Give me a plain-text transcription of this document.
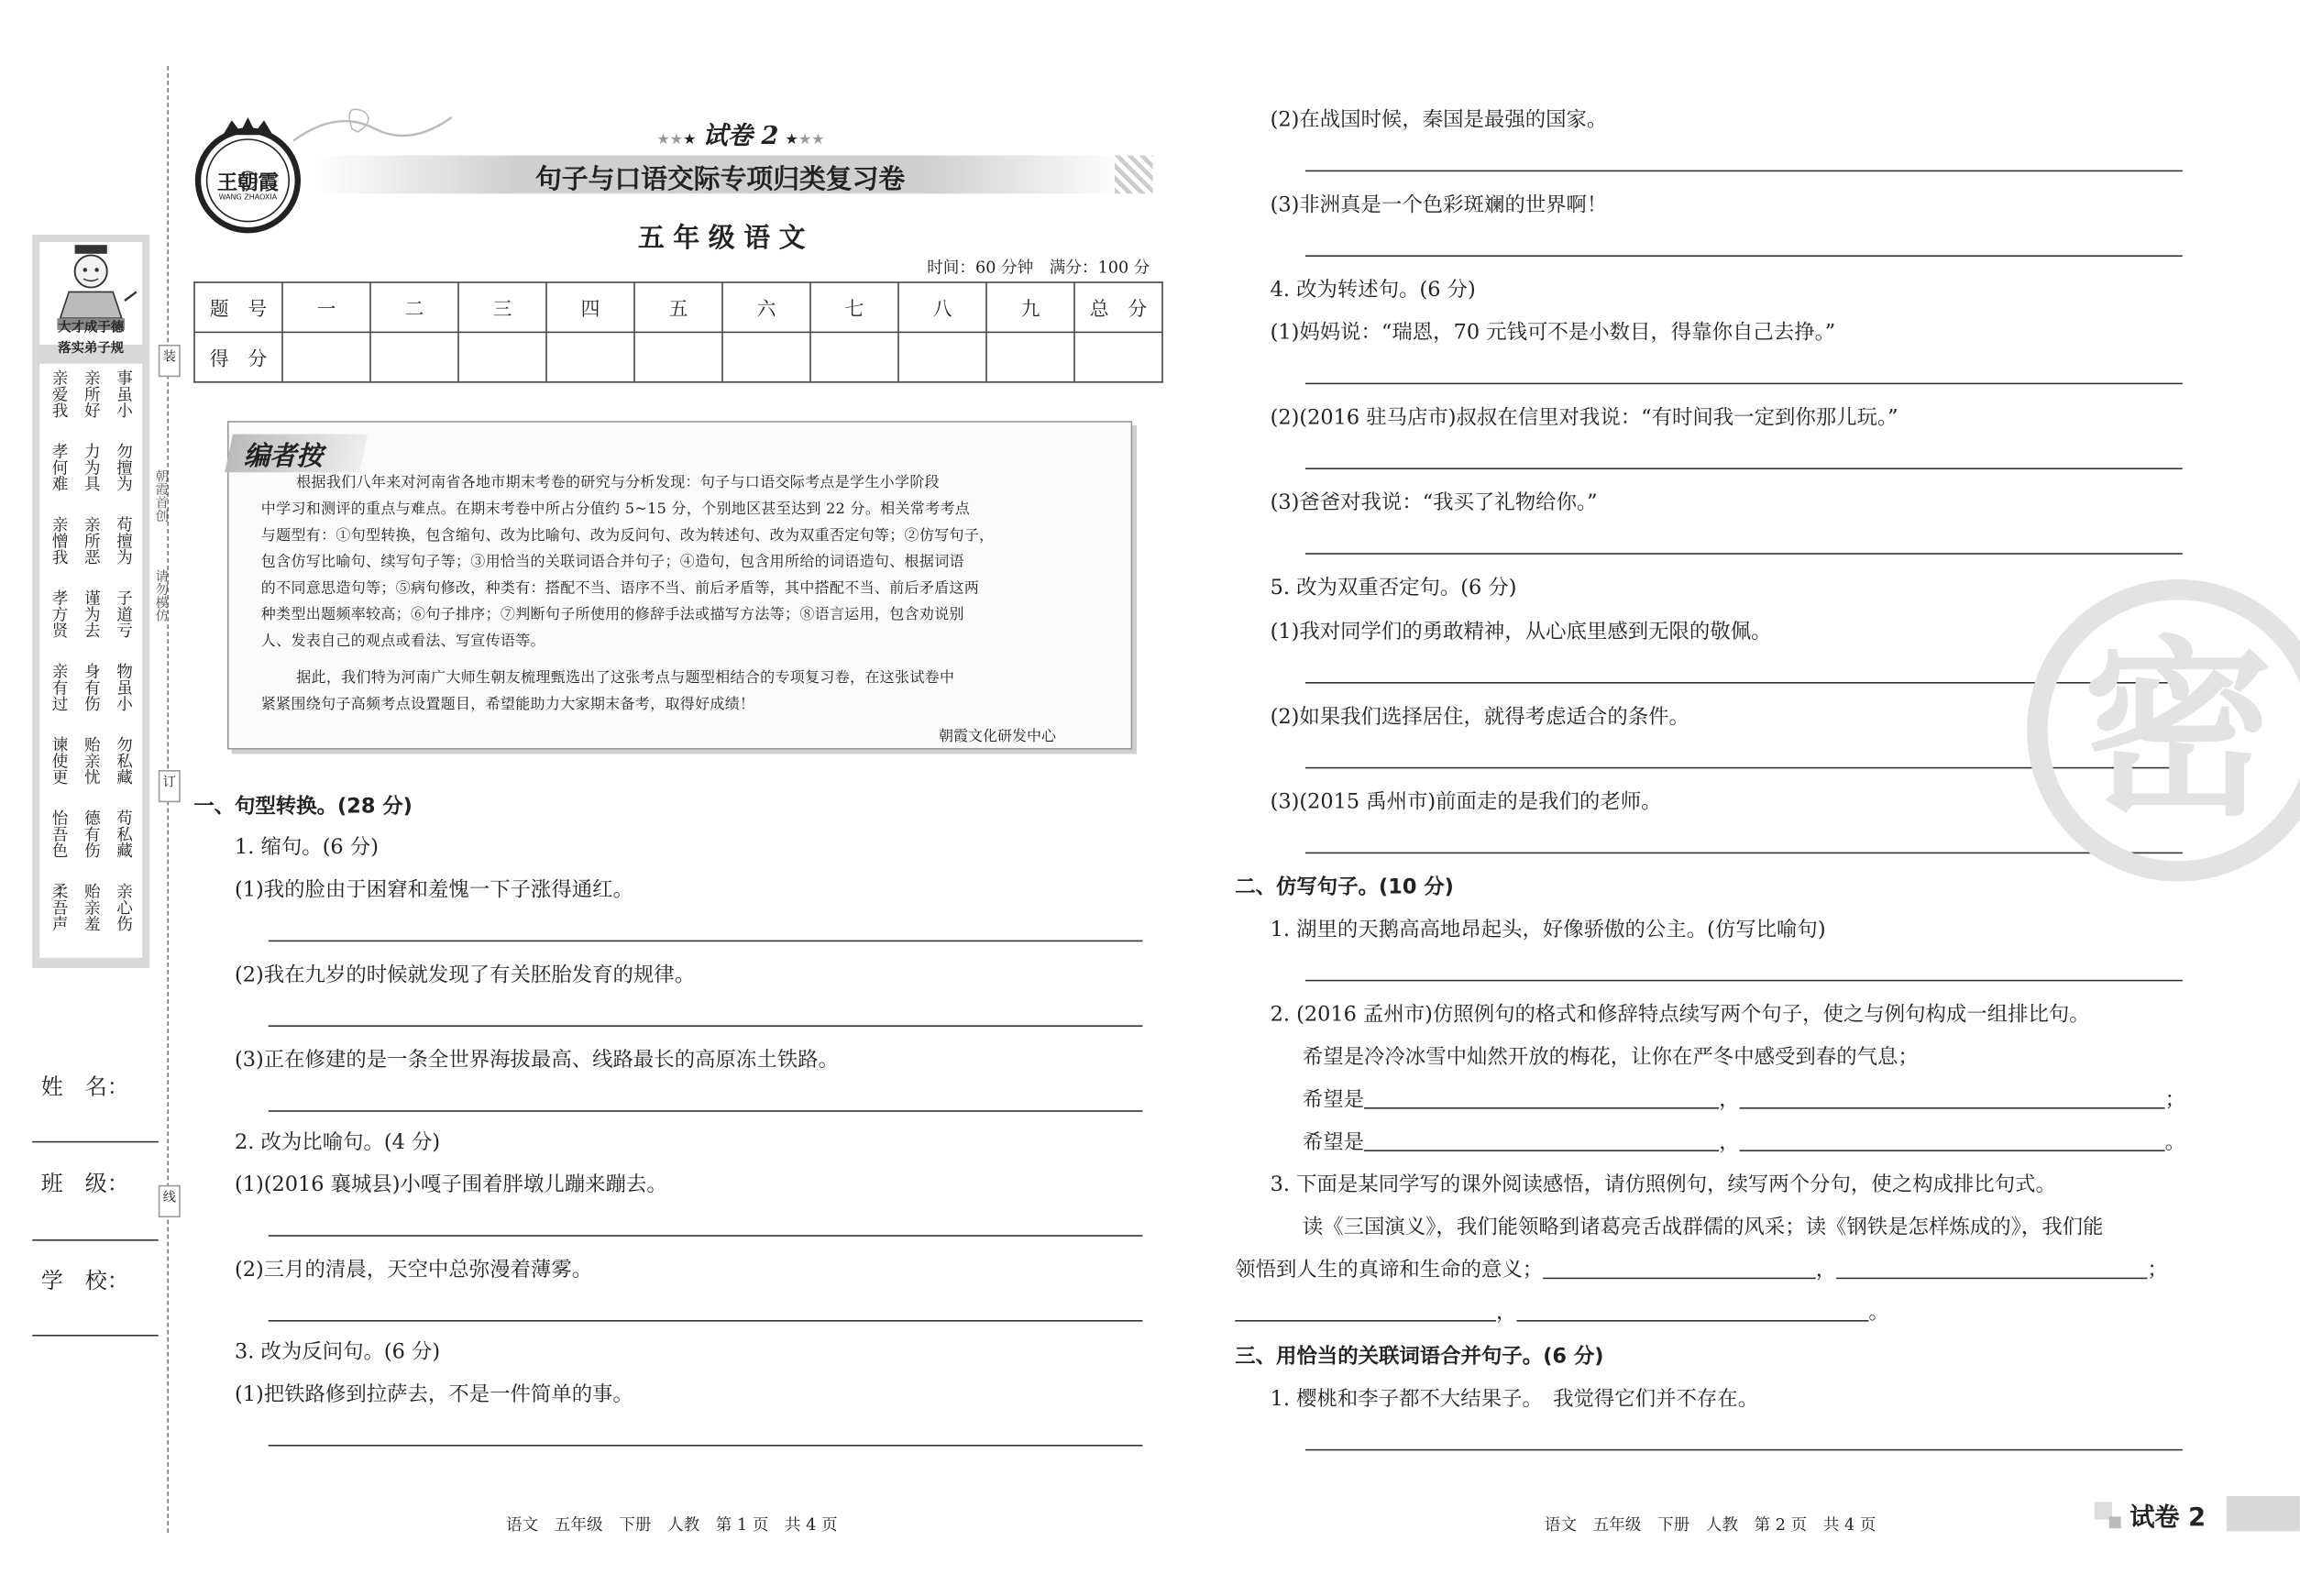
装
订
线
朝霞首创
请勿模仿
大才成于德
落实弟子规
亲爱我 亲所好 事虽小
孝何难 力为具 勿擅为
亲憎我 亲所恶 苟擅为
孝方贤 谨为去 子道亏
亲有过 身有伤 物虽小
谏使更 贻亲忧 勿私藏
怡吾色 德有伤 苟私藏
柔吾声 贻亲羞 亲心伤
姓　名：
班　级：
学　校：
王朝霞
WANG ZHAOXIA
★★★ 试卷 2 ★★★
句子与口语交际专项归类复习卷
五年级语文
时间：60 分钟　满分：100 分
题　号	一	二	三	四	五	六	七	八	九	总　分
得　分										
编者按
根据我们八年来对河南省各地市期末考卷的研究与分析发现：句子与口语交际考点是学生小学阶段
中学习和测评的重点与难点。在期末考卷中所占分值约 5~15 分，个别地区甚至达到 22 分。相关常考考点
与题型有：①句型转换，包含缩句、改为比喻句、改为反问句、改为转述句、改为双重否定句等；②仿写句子，
包含仿写比喻句、续写句子等；③用恰当的关联词语合并句子；④造句，包含用所给的词语造句、根据词语
的不同意思造句等；⑤病句修改，种类有：搭配不当、语序不当、前后矛盾等，其中搭配不当、前后矛盾这两
种类型出题频率较高；⑥句子排序；⑦判断句子所使用的修辞手法或描写方法等；⑧语言运用，包含劝说别
人、发表自己的观点或看法、写宣传语等。
据此，我们特为河南广大师生朝友梳理甄选出了这张考点与题型相结合的专项复习卷，在这张试卷中
紧紧围绕句子高频考点设置题目，希望能助力大家期末备考，取得好成绩！
朝霞文化研发中心
一、句型转换。(28 分)
1. 缩句。(6 分)
(1)我的脸由于困窘和羞愧一下子涨得通红。
(2)我在九岁的时候就发现了有关胚胎发育的规律。
(3)正在修建的是一条全世界海拔最高、线路最长的高原冻土铁路。
2. 改为比喻句。(4 分)
(1)(2016 襄城县)小嘎子围着胖墩儿蹦来蹦去。
(2)三月的清晨，天空中总弥漫着薄雾。
3. 改为反问句。(6 分)
(1)把铁路修到拉萨去，不是一件简单的事。
(2)在战国时候，秦国是最强的国家。
(3)非洲真是一个色彩斑斓的世界啊！
4. 改为转述句。(6 分)
(1)妈妈说：“瑞恩，70 元钱可不是小数目，得靠你自己去挣。”
(2)(2016 驻马店市)叔叔在信里对我说：“有时间我一定到你那儿玩。”
(3)爸爸对我说：“我买了礼物给你。”
5. 改为双重否定句。(6 分)
(1)我对同学们的勇敢精神，从心底里感到无限的敬佩。
(2)如果我们选择居住，就得考虑适合的条件。
(3)(2015 禹州市)前面走的是我们的老师。
二、仿写句子。(10 分)
1. 湖里的天鹅高高地昂起头，好像骄傲的公主。(仿写比喻句)
2. (2016 孟州市)仿照例句的格式和修辞特点续写两个句子，使之与例句构成一组排比句。
希望是冷冷冰雪中灿然开放的梅花，让你在严冬中感受到春的气息；
希望是	，	；
希望是	，	。
3. 下面是某同学写的课外阅读感悟，请仿照例句，续写两个分句，使之构成排比句式。
读《三国演义》，我们能领略到诸葛亮舌战群儒的风采；读《钢铁是怎样炼成的》，我们能
领悟到人生的真谛和生命的意义；	，	；
，	。
三、用恰当的关联词语合并句子。(6 分)
1. 樱桃和李子都不大结果子。　我觉得它们并不存在。
密
语文　五年级　下册　人教　第 1 页　共 4 页	语文　五年级　下册　人教　第 2 页　共 4 页	试卷 2
